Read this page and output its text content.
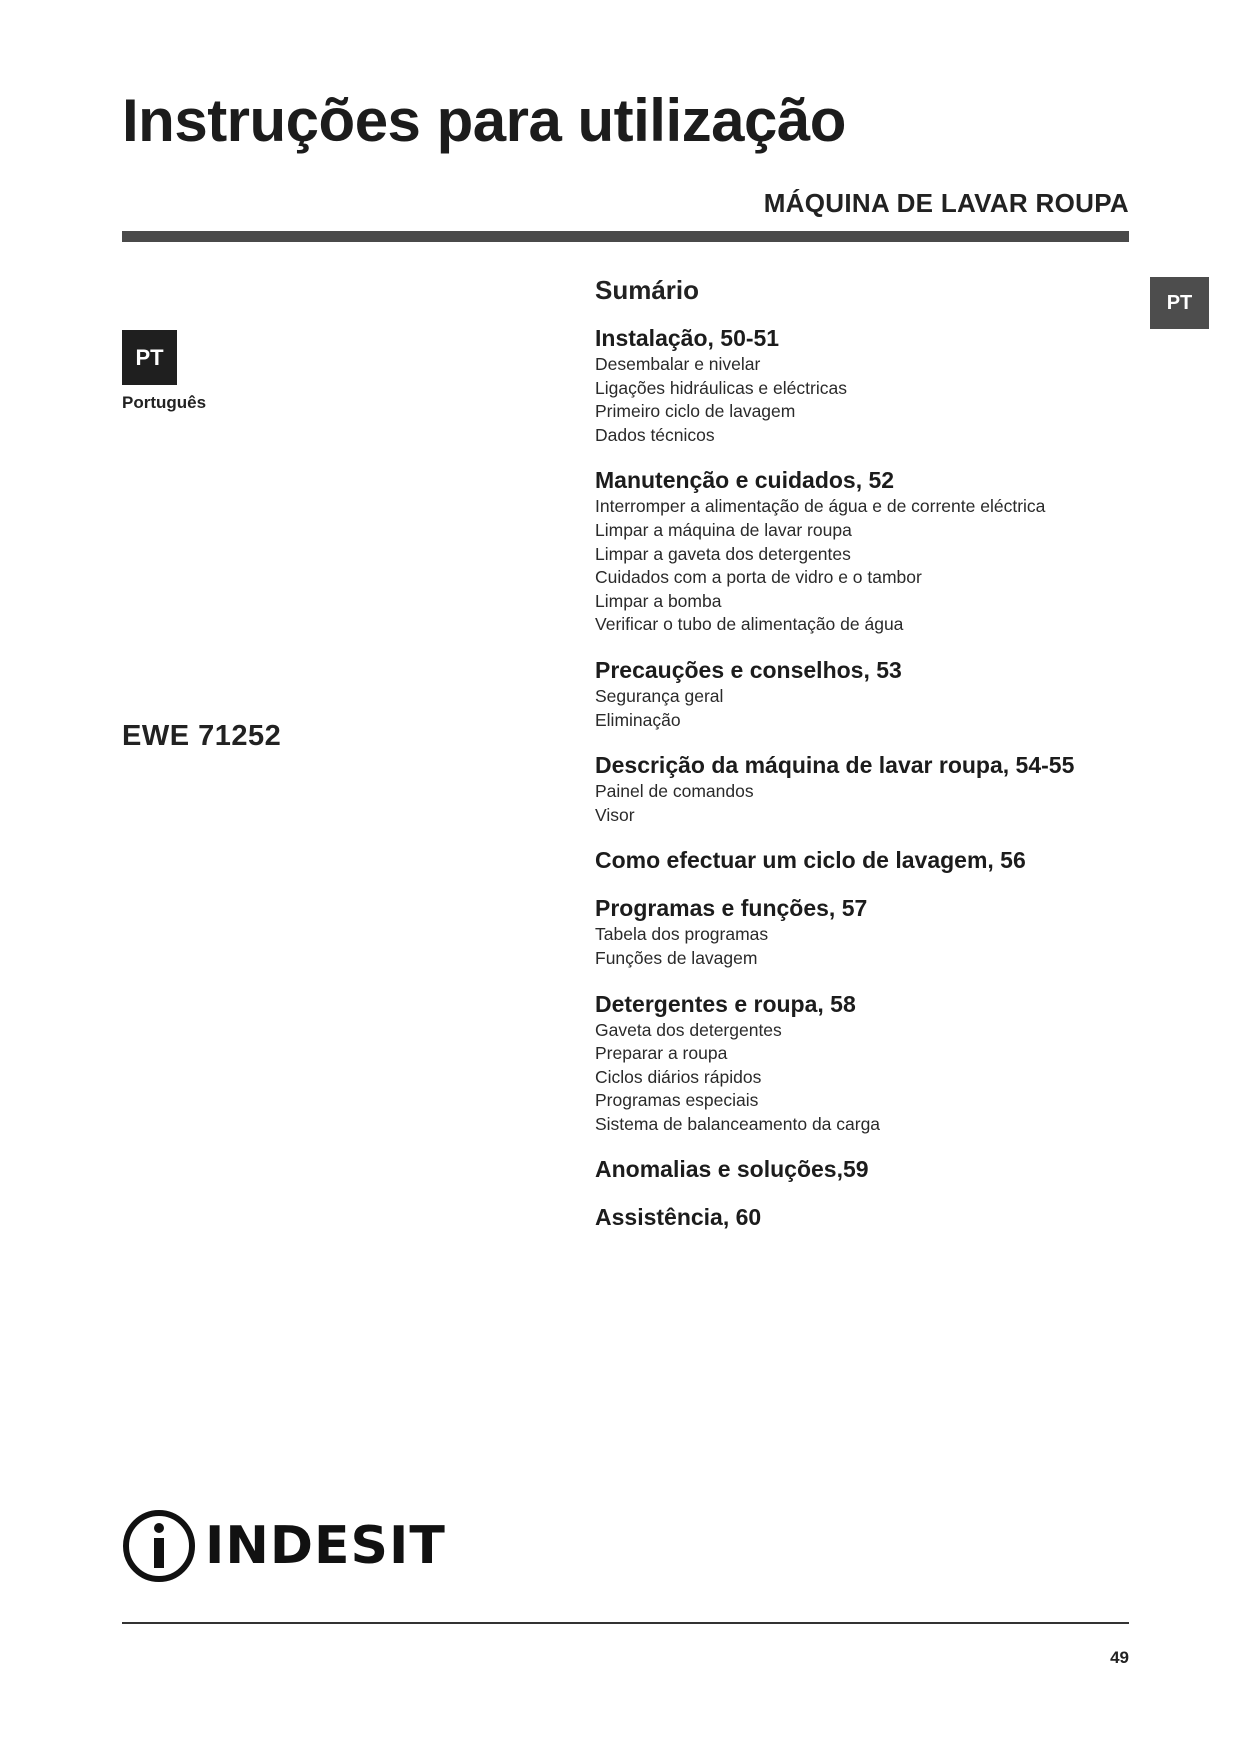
Instruções para utilização
MÁQUINA DE LAVAR ROUPA
PT
Português
PT
EWE 71252
Sumário
Instalação, 50-51
Desembalar e nivelar
Ligações hidráulicas e eléctricas
Primeiro ciclo de lavagem
Dados técnicos
Manutenção e cuidados, 52
Interromper a alimentação de água e de corrente eléctrica
Limpar a máquina de lavar roupa
Limpar a gaveta dos detergentes
Cuidados com a porta de vidro e o tambor
Limpar a bomba
Verificar o tubo de alimentação de água
Precauções e conselhos, 53
Segurança geral
Eliminação
Descrição da máquina de lavar roupa, 54-55
Painel de comandos
Visor
Como efectuar um ciclo de lavagem, 56
Programas e funções, 57
Tabela dos programas
Funções de lavagem
Detergentes e roupa, 58
Gaveta dos detergentes
Preparar a roupa
Ciclos diários rápidos
Programas especiais
Sistema de balanceamento da carga
Anomalias e soluções,59
Assistência, 60
INDESIT
49
